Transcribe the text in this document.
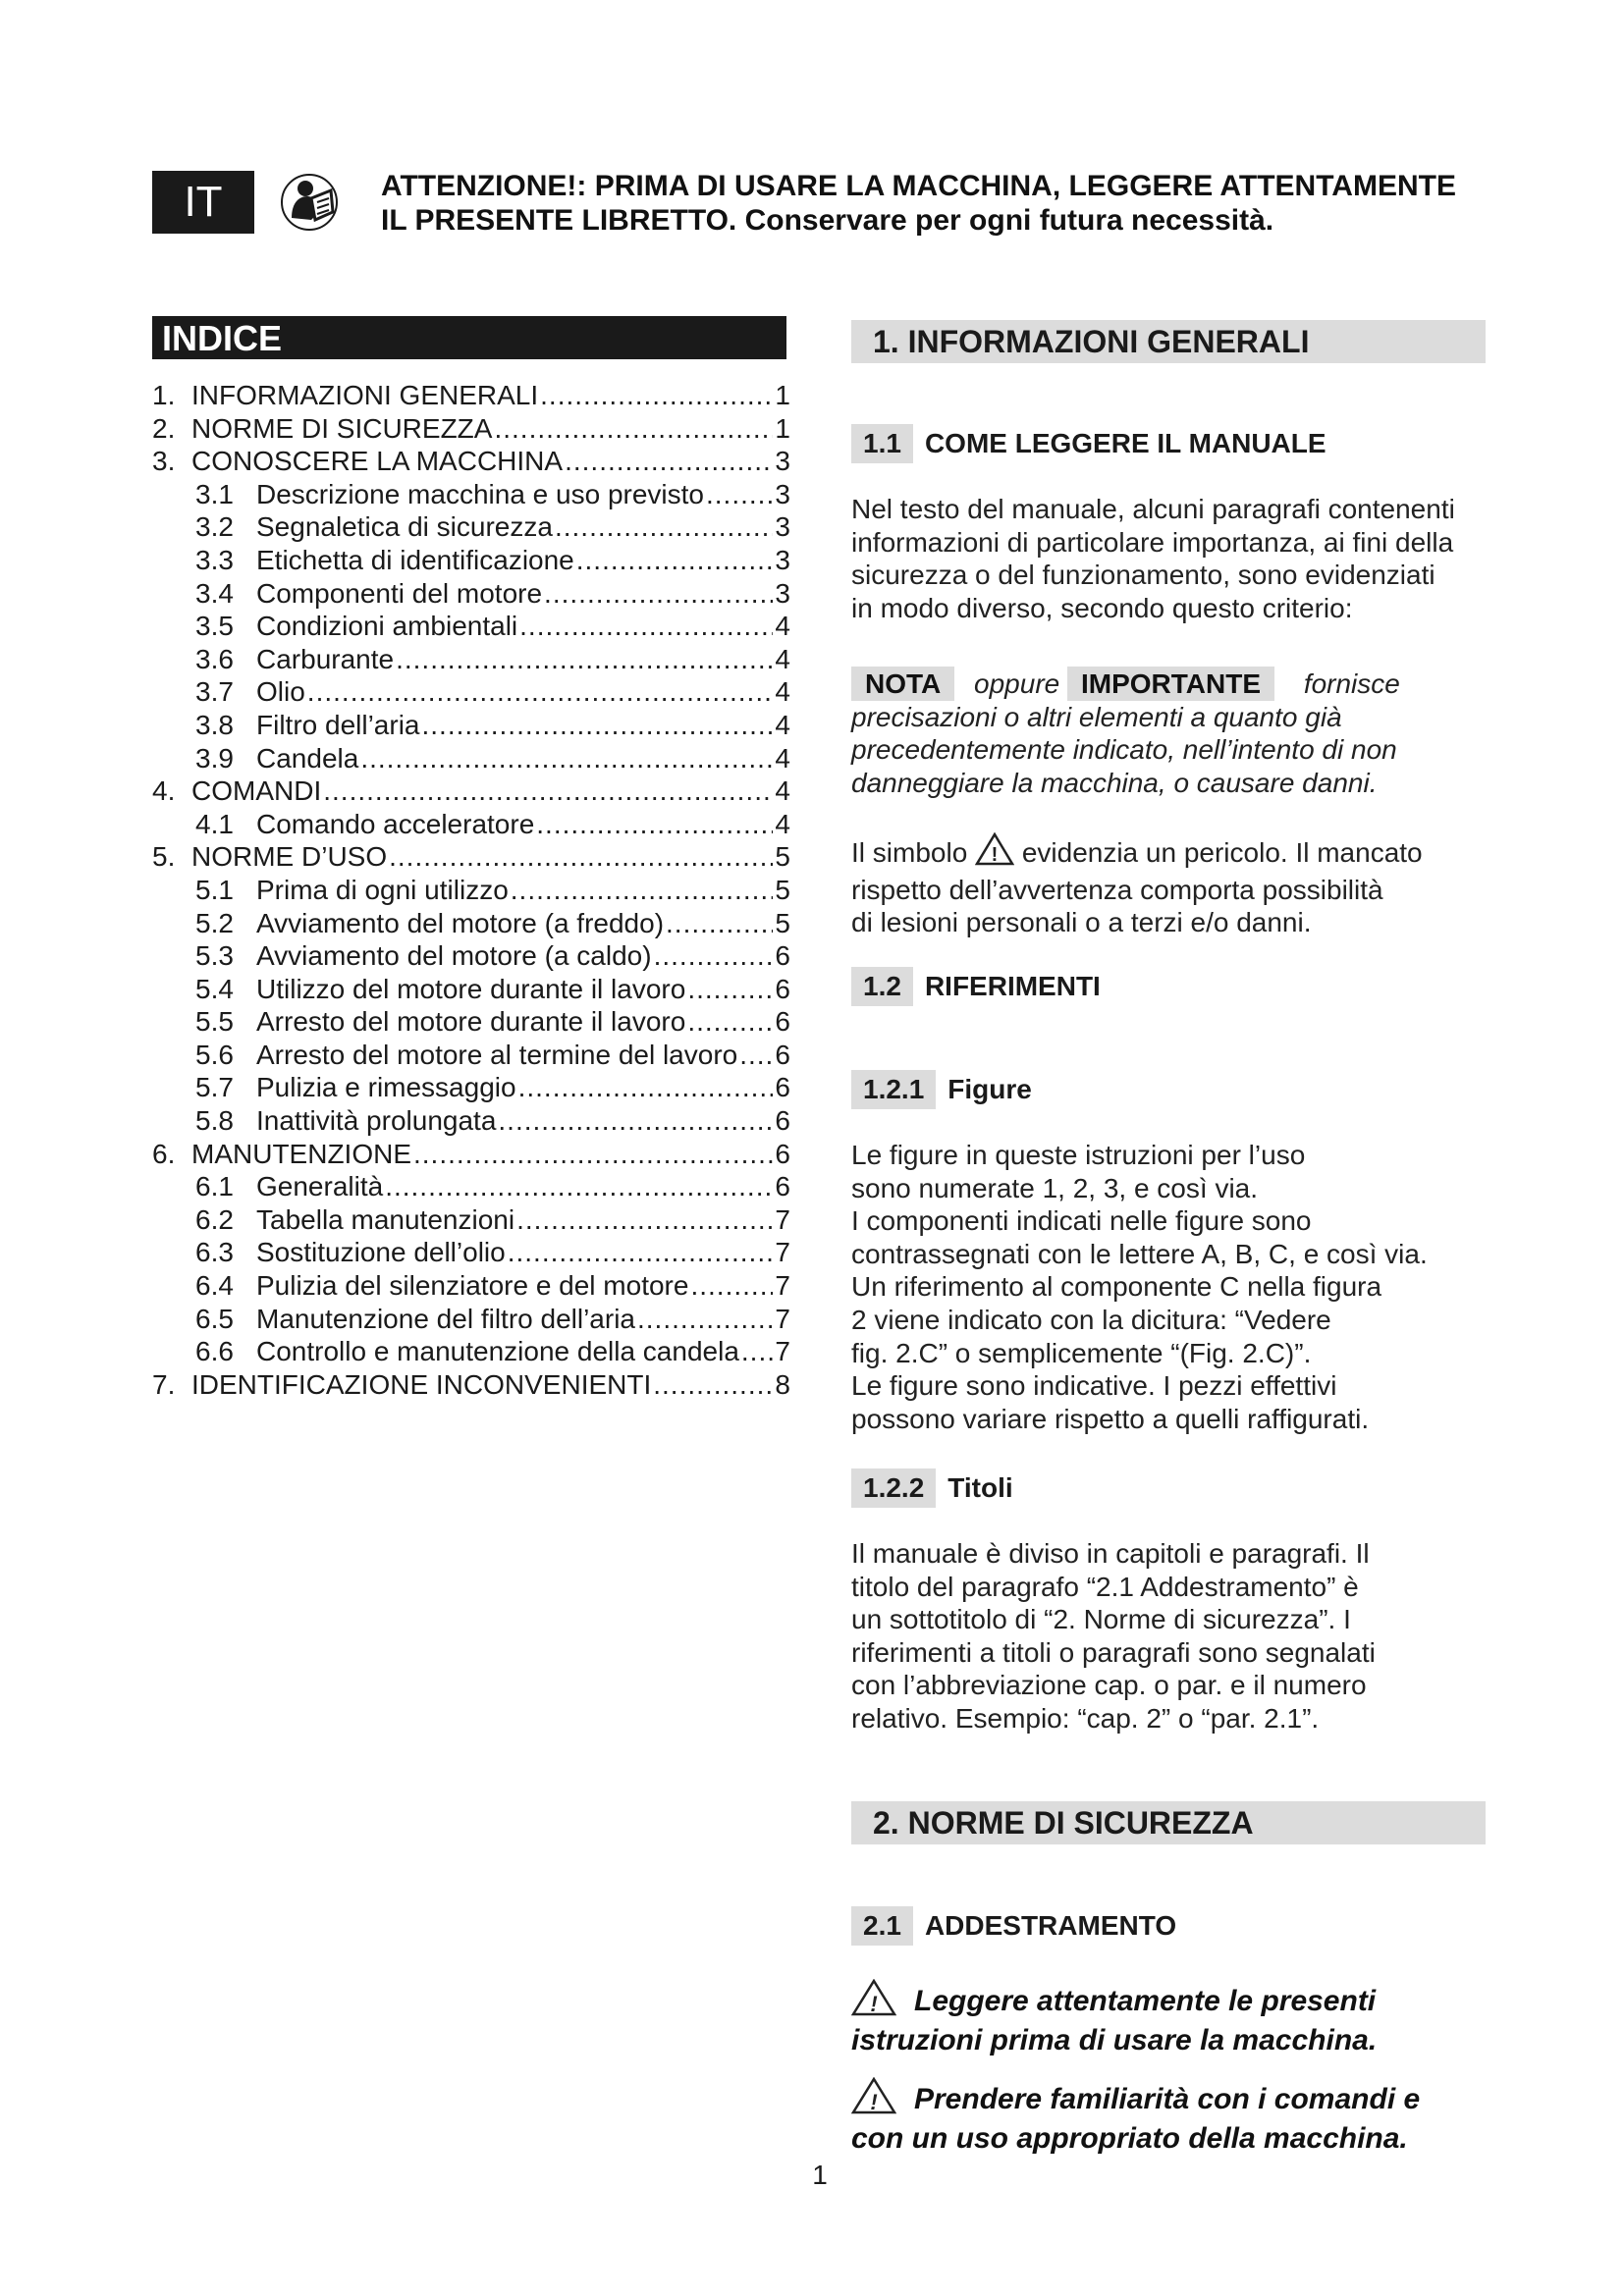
IT	ATTENZIONE!: PRIMA DI USARE LA MACCHINA, LEGGERE ATTENTAMENTE
IL PRESENTE LIBRETTO. Conservare per ogni futura necessità.
INDICE
1. INFORMAZIONI GENERALI .....	1
2. NORME DI SICUREZZA .....	1
3. CONOSCERE LA MACCHINA .....	3
3.1 Descrizione macchina e uso previsto .....	3
3.2 Segnaletica di sicurezza .....	3
3.3 Etichetta di identificazione .....	3
3.4 Componenti del motore .....	3
3.5 Condizioni ambientali .....	4
3.6 Carburante .....	4
3.7 Olio .....	4
3.8 Filtro dell’aria .....	4
3.9 Candela .....	4
4. COMANDI .....	4
4.1 Comando acceleratore .....	4
5. NORME D’USO .....	5
5.1 Prima di ogni utilizzo .....	5
5.2 Avviamento del motore (a freddo) .....	5
5.3 Avviamento del motore (a caldo) .....	6
5.4 Utilizzo del motore durante il lavoro .....	6
5.5 Arresto del motore durante il lavoro .....	6
5.6 Arresto del motore al termine del lavoro ..... 6
5.7 Pulizia e rimessaggio .....	6
5.8 Inattività prolungata .....	6
6. MANUTENZIONE .....	6
6.1 Generalità .....	6
6.2 Tabella manutenzioni .....	7
6.3 Sostituzione dell’olio .....	7
6.4 Pulizia del silenziatore e del motore .....	7
6.5 Manutenzione del filtro dell’aria .....	7
6.6 Controllo e manutenzione della candela ..... 7
7. IDENTIFICAZIONE INCONVENIENTI .....	8
1. INFORMAZIONI GENERALI
1.1 COME LEGGERE IL MANUALE
Nel testo del manuale, alcuni paragrafi contenenti
informazioni di particolare importanza, ai fini della
sicurezza o del funzionamento, sono evidenziati
in modo diverso, secondo questo criterio:
NOTA oppure IMPORTANTE fornisce
precisazioni o altri elementi a quanto già
precedentemente indicato, nell’intento di non
danneggiare la macchina, o causare danni.
Il simbolo ! evidenzia un pericolo. Il mancato
rispetto dell’avvertenza comporta possibilità
di lesioni personali o a terzi e/o danni.
1.2 RIFERIMENTI
1.2.1 Figure
Le figure in queste istruzioni per l’uso
sono numerate 1, 2, 3, e così via.
I componenti indicati nelle figure sono
contrassegnati con le lettere A, B, C, e così via.
Un riferimento al componente C nella figura
2 viene indicato con la dicitura: “Vedere
fig. 2.C” o semplicemente “(Fig. 2.C)”.
Le figure sono indicative. I pezzi effettivi
possono variare rispetto a quelli raffigurati.
1.2.2 Titoli
Il manuale è diviso in capitoli e paragrafi. Il
titolo del paragrafo “2.1 Addestramento” è
un sottotitolo di “2. Norme di sicurezza”. I
riferimenti a titoli o paragrafi sono segnalati
con l’abbreviazione cap. o par. e il numero
relativo. Esempio: “cap. 2” o “par. 2.1”.
2. NORME DI SICUREZZA
2.1 ADDESTRAMENTO
! Leggere attentamente le presenti
istruzioni prima di usare la macchina.
! Prendere familiarità con i comandi e
con un uso appropriato della macchina.
1
